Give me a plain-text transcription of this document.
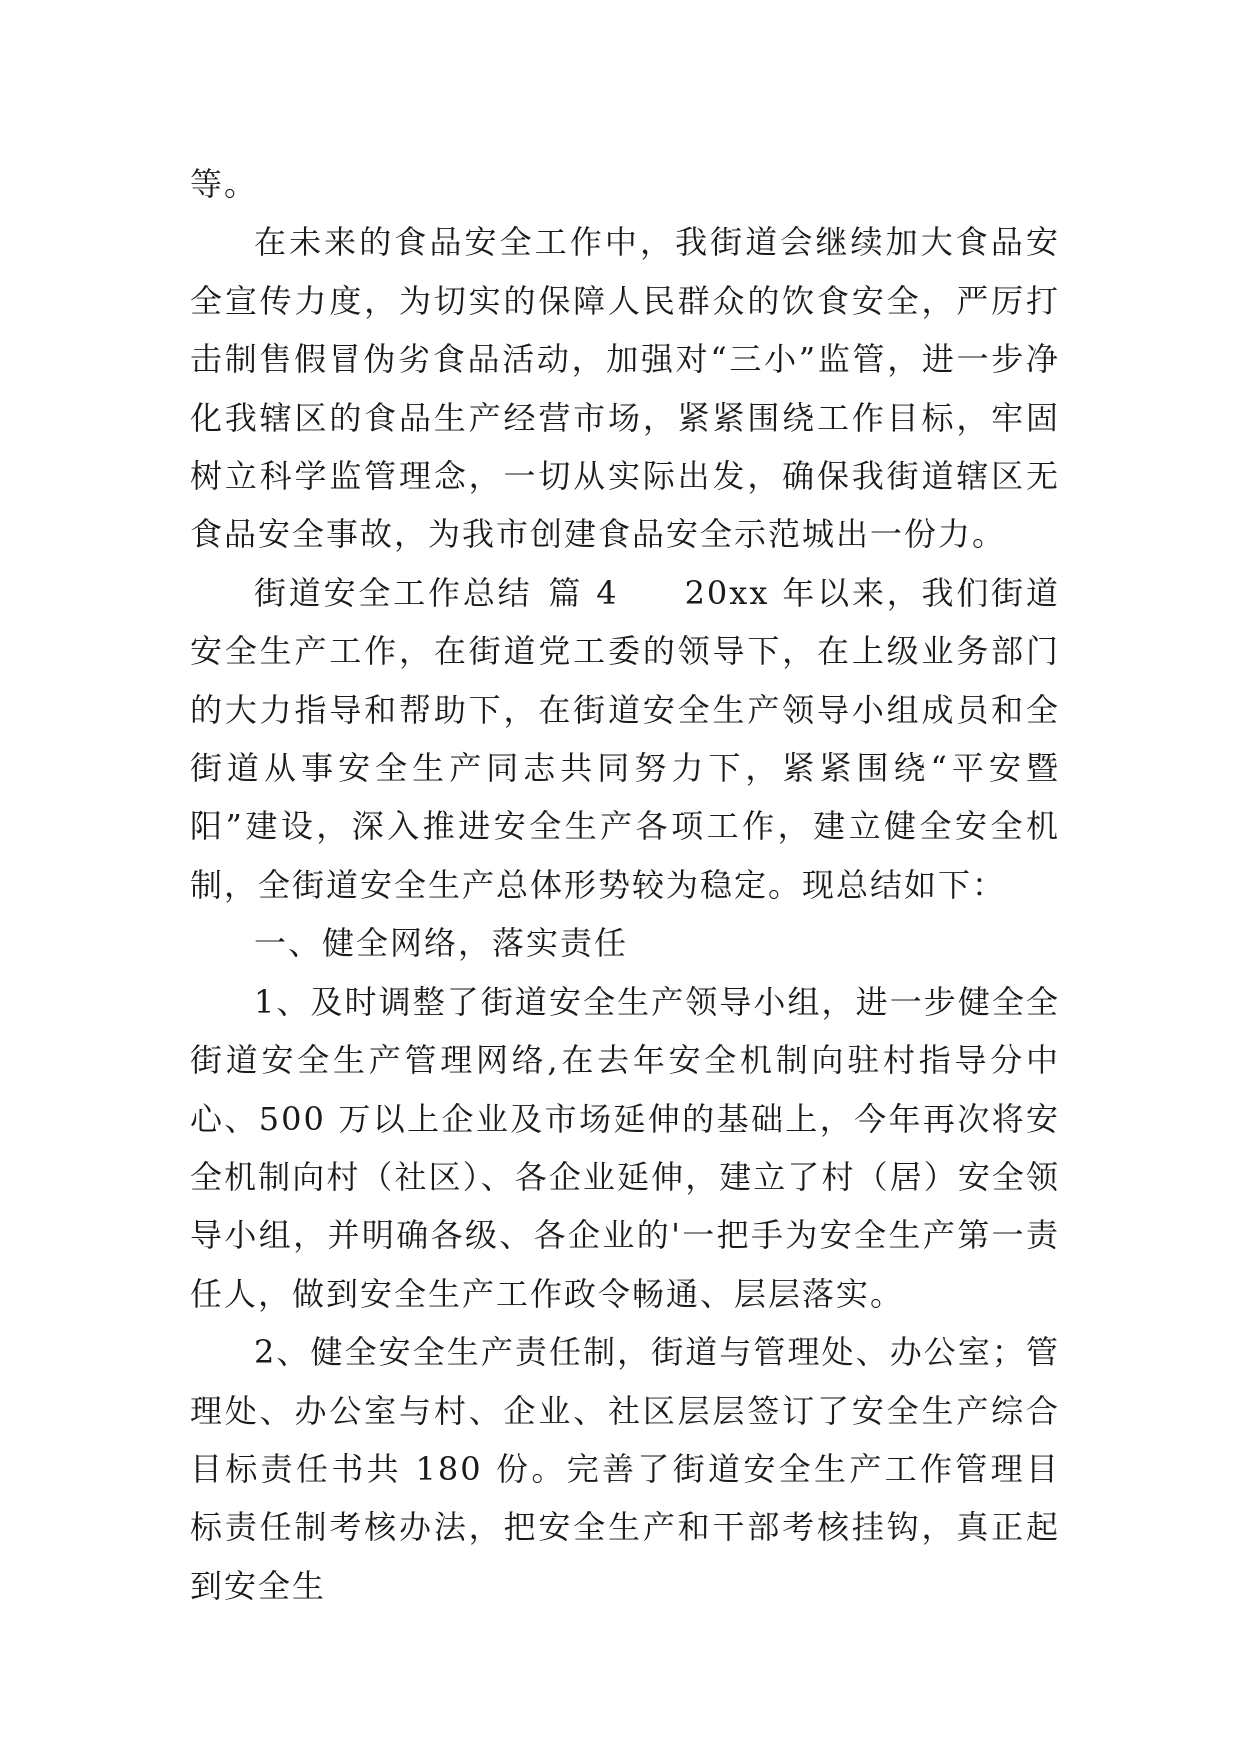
等。

在未来的食品安全工作中，我街道会继续加大食品安全宣传力度，为切实的保障人民群众的饮食安全，严厉打击制售假冒伪劣食品活动，加强对“三小”监管，进一步净化我辖区的食品生产经营市场，紧紧围绕工作目标，牢固树立科学监管理念，一切从实际出发，确保我街道辖区无食品安全事故，为我市创建食品安全示范城出一份力。

街道安全工作总结 篇 4 20xx 年以来，我们街道安全生产工作，在街道党工委的领导下，在上级业务部门的大力指导和帮助下，在街道安全生产领导小组成员和全街道从事安全生产同志共同努力下，紧紧围绕“平安暨阳”建设，深入推进安全生产各项工作，建立健全安全机制，全街道安全生产总体形势较为稳定。现总结如下：

一、健全网络，落实责任

1、及时调整了街道安全生产领导小组，进一步健全全街道安全生产管理网络,在去年安全机制向驻村指导分中心、500 万以上企业及市场延伸的基础上，今年再次将安全机制向村（社区）、各企业延伸，建立了村（居）安全领导小组，并明确各级、各企业的'一把手为安全生产第一责任人，做到安全生产工作政令畅通、层层落实。

2、健全安全生产责任制，街道与管理处、办公室；管理处、办公室与村、企业、社区层层签订了安全生产综合目标责任书共 180 份。完善了街道安全生产工作管理目标责任制考核办法，把安全生产和干部考核挂钩，真正起到安全生
